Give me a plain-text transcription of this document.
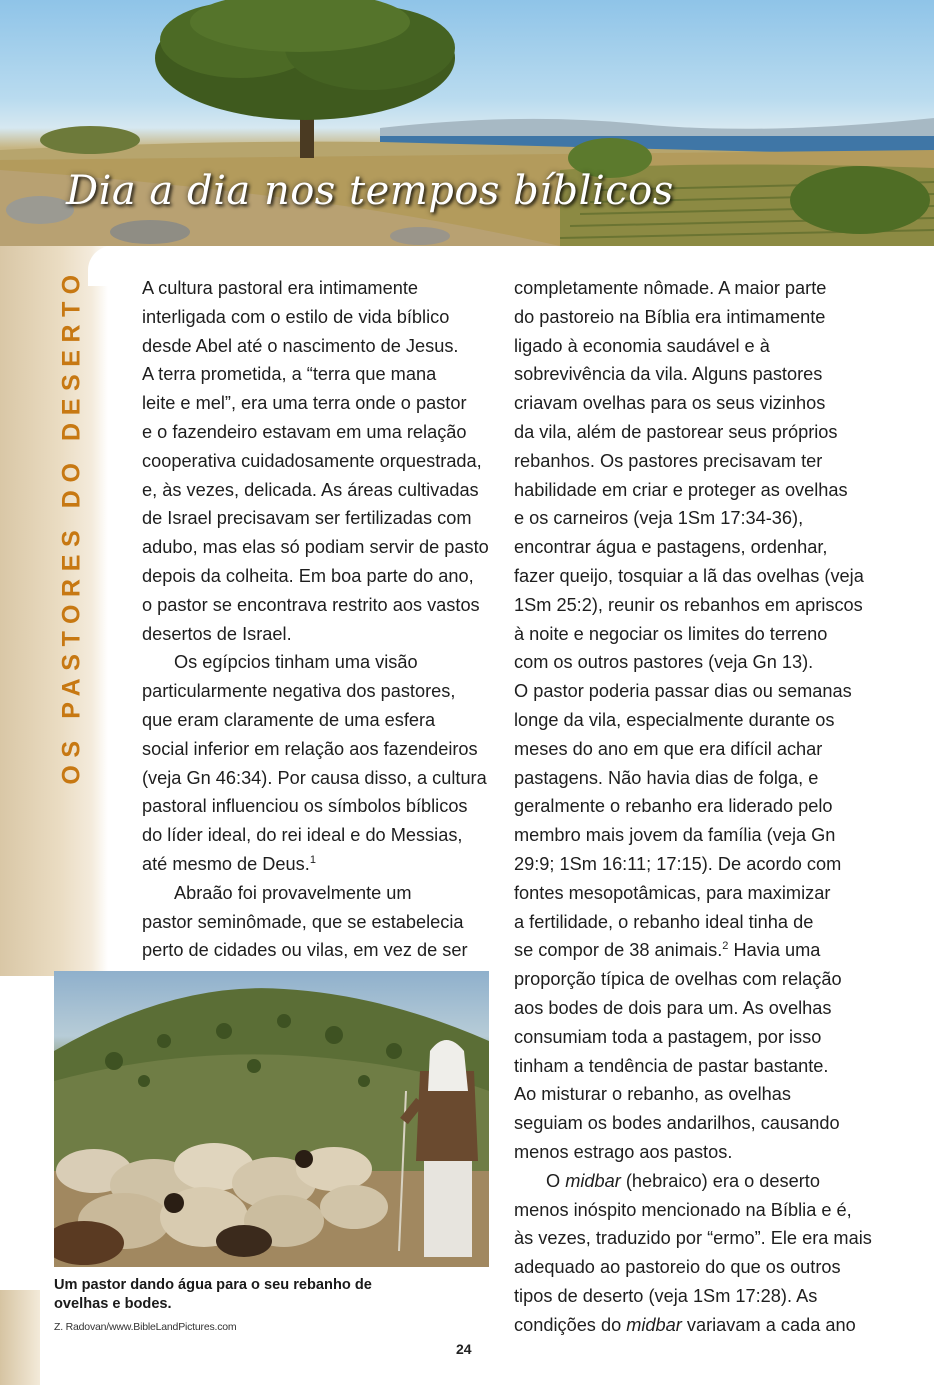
Dia a dia nos tempos bíblicos
OS PASTORES DO DESERTO	A cultura pastoral era intimamente
interligada com o estilo de vida bíblico
desde Abel até o nascimento de Jesus.
A terra prometida, a “terra que mana
leite e mel”, era uma terra onde o pastor
e o fazendeiro estavam em uma relação
cooperativa cuidadosamente orquestrada,
e, às vezes, delicada. As áreas cultivadas
de Israel precisavam ser fertilizadas com
adubo, mas elas só podiam servir de pasto
depois da colheita. Em boa parte do ano,
o pastor se encontrava restrito aos vastos
desertos de Israel.

Os egípcios tinham uma visão
particularmente negativa dos pastores,
que eram claramente de uma esfera
social inferior em relação aos fazendeiros
(veja Gn 46:34). Por causa disso, a cultura
pastoral influenciou os símbolos bíblicos
do líder ideal, do rei ideal e do Messias,
até mesmo de Deus.$^1$

Abraão foi provavelmente um
pastor seminômade, que se estabelecia
perto de cidades ou vilas, em vez de ser

completamente nômade. A maior parte
do pastoreio na Bíblia era intimamente
ligado à economia saudável e à
sobrevivência da vila. Alguns pastores
criavam ovelhas para os seus vizinhos
da vila, além de pastorear seus próprios
rebanhos. Os pastores precisavam ter
habilidade em criar e proteger as ovelhas
e os carneiros (veja 1Sm 17:34-36),
encontrar água e pastagens, ordenhar,
fazer queijo, tosquiar a lã das ovelhas (veja
1Sm 25:2), reunir os rebanhos em apriscos
à noite e negociar os limites do terreno
com os outros pastores (veja Gn 13).
O pastor poderia passar dias ou semanas
longe da vila, especialmente durante os
meses do ano em que era difícil achar
pastagens. Não havia dias de folga, e
geralmente o rebanho era liderado pelo
membro mais jovem da família (veja Gn
29:9; 1Sm 16:11; 17:15). De acordo com
fontes mesopotâmicas, para maximizar
a fertilidade, o rebanho ideal tinha de
se compor de 38 animais.$^2$ Havia uma
proporção típica de ovelhas com relação
aos bodes de dois para um. As ovelhas
consumiam toda a pastagem, por isso
tinham a tendência de pastar bastante.
Ao misturar o rebanho, as ovelhas
seguiam os bodes andarilhos, causando
menos estrago aos pastos.

O midbar (hebraico) era o deserto
menos inóspito mencionado na Bíblia e é,
às vezes, traduzido por “ermo”. Ele era mais
adequado ao pastoreio do que os outros
tipos de deserto (veja 1Sm 17:28). As
condições do midbar variavam a cada ano

Um pastor dando água para o seu rebanho de
ovelhas e bodes.
Z. Radovan/www.BibleLandPictures.com
24
